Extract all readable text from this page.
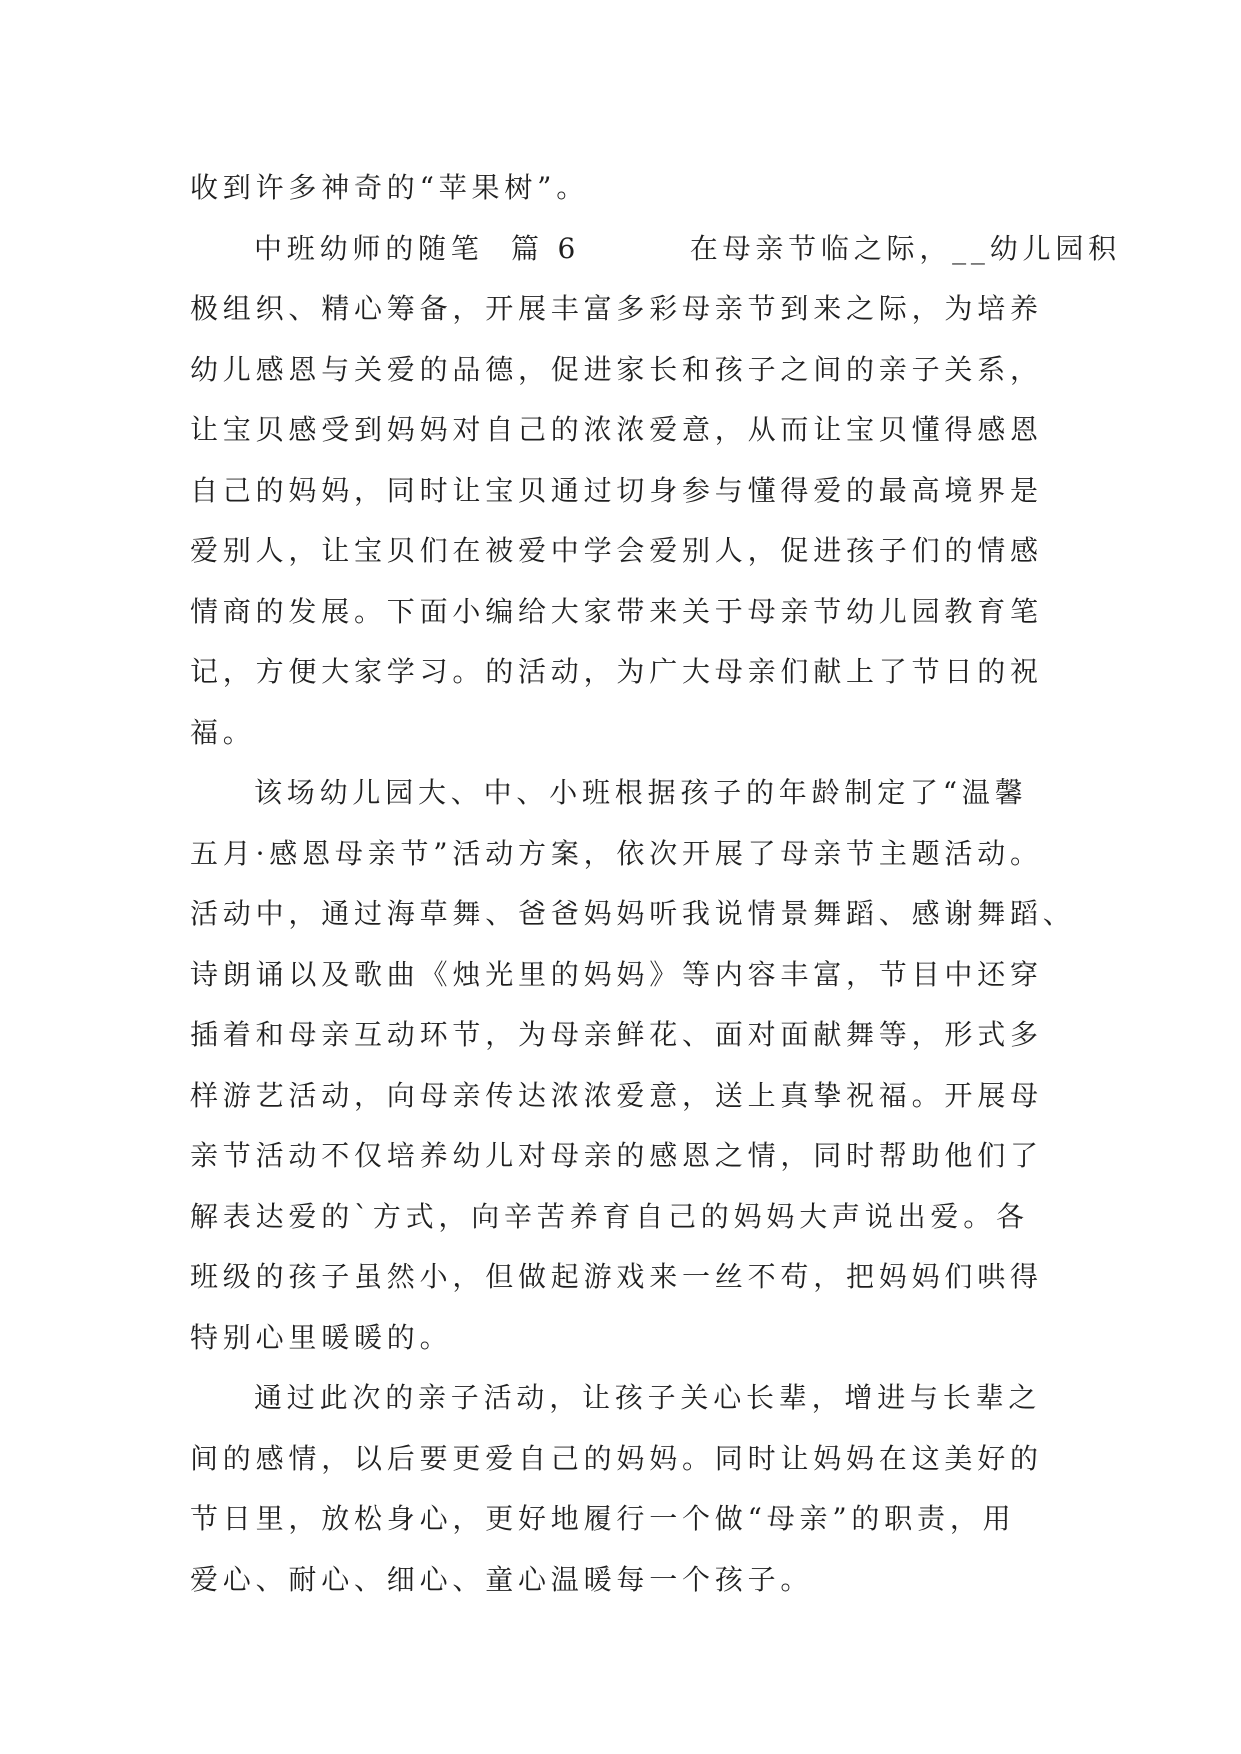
收到许多神奇的“苹果树”。
中班幼师的随笔  篇 6        在母亲节临之际，__幼儿园积
极组织、精心筹备，开展丰富多彩母亲节到来之际，为培养
幼儿感恩与关爱的品德，促进家长和孩子之间的亲子关系，
让宝贝感受到妈妈对自己的浓浓爱意，从而让宝贝懂得感恩
自己的妈妈，同时让宝贝通过切身参与懂得爱的最高境界是
爱别人，让宝贝们在被爱中学会爱别人，促进孩子们的情感
情商的发展。下面小编给大家带来关于母亲节幼儿园教育笔
记，方便大家学习。的活动，为广大母亲们献上了节日的祝
福。
该场幼儿园大、中、小班根据孩子的年龄制定了“温馨
五月·感恩母亲节”活动方案，依次开展了母亲节主题活动。
活动中，通过海草舞、爸爸妈妈听我说情景舞蹈、感谢舞蹈、
诗朗诵以及歌曲《烛光里的妈妈》等内容丰富，节目中还穿
插着和母亲互动环节，为母亲鲜花、面对面献舞等，形式多
样游艺活动，向母亲传达浓浓爱意，送上真挚祝福。开展母
亲节活动不仅培养幼儿对母亲的感恩之情，同时帮助他们了
解表达爱的`方式，向辛苦养育自己的妈妈大声说出爱。各
班级的孩子虽然小，但做起游戏来一丝不苟，把妈妈们哄得
特别心里暖暖的。
通过此次的亲子活动，让孩子关心长辈，增进与长辈之
间的感情，以后要更爱自己的妈妈。同时让妈妈在这美好的
节日里，放松身心，更好地履行一个做“母亲”的职责，用
爱心、耐心、细心、童心温暖每一个孩子。
